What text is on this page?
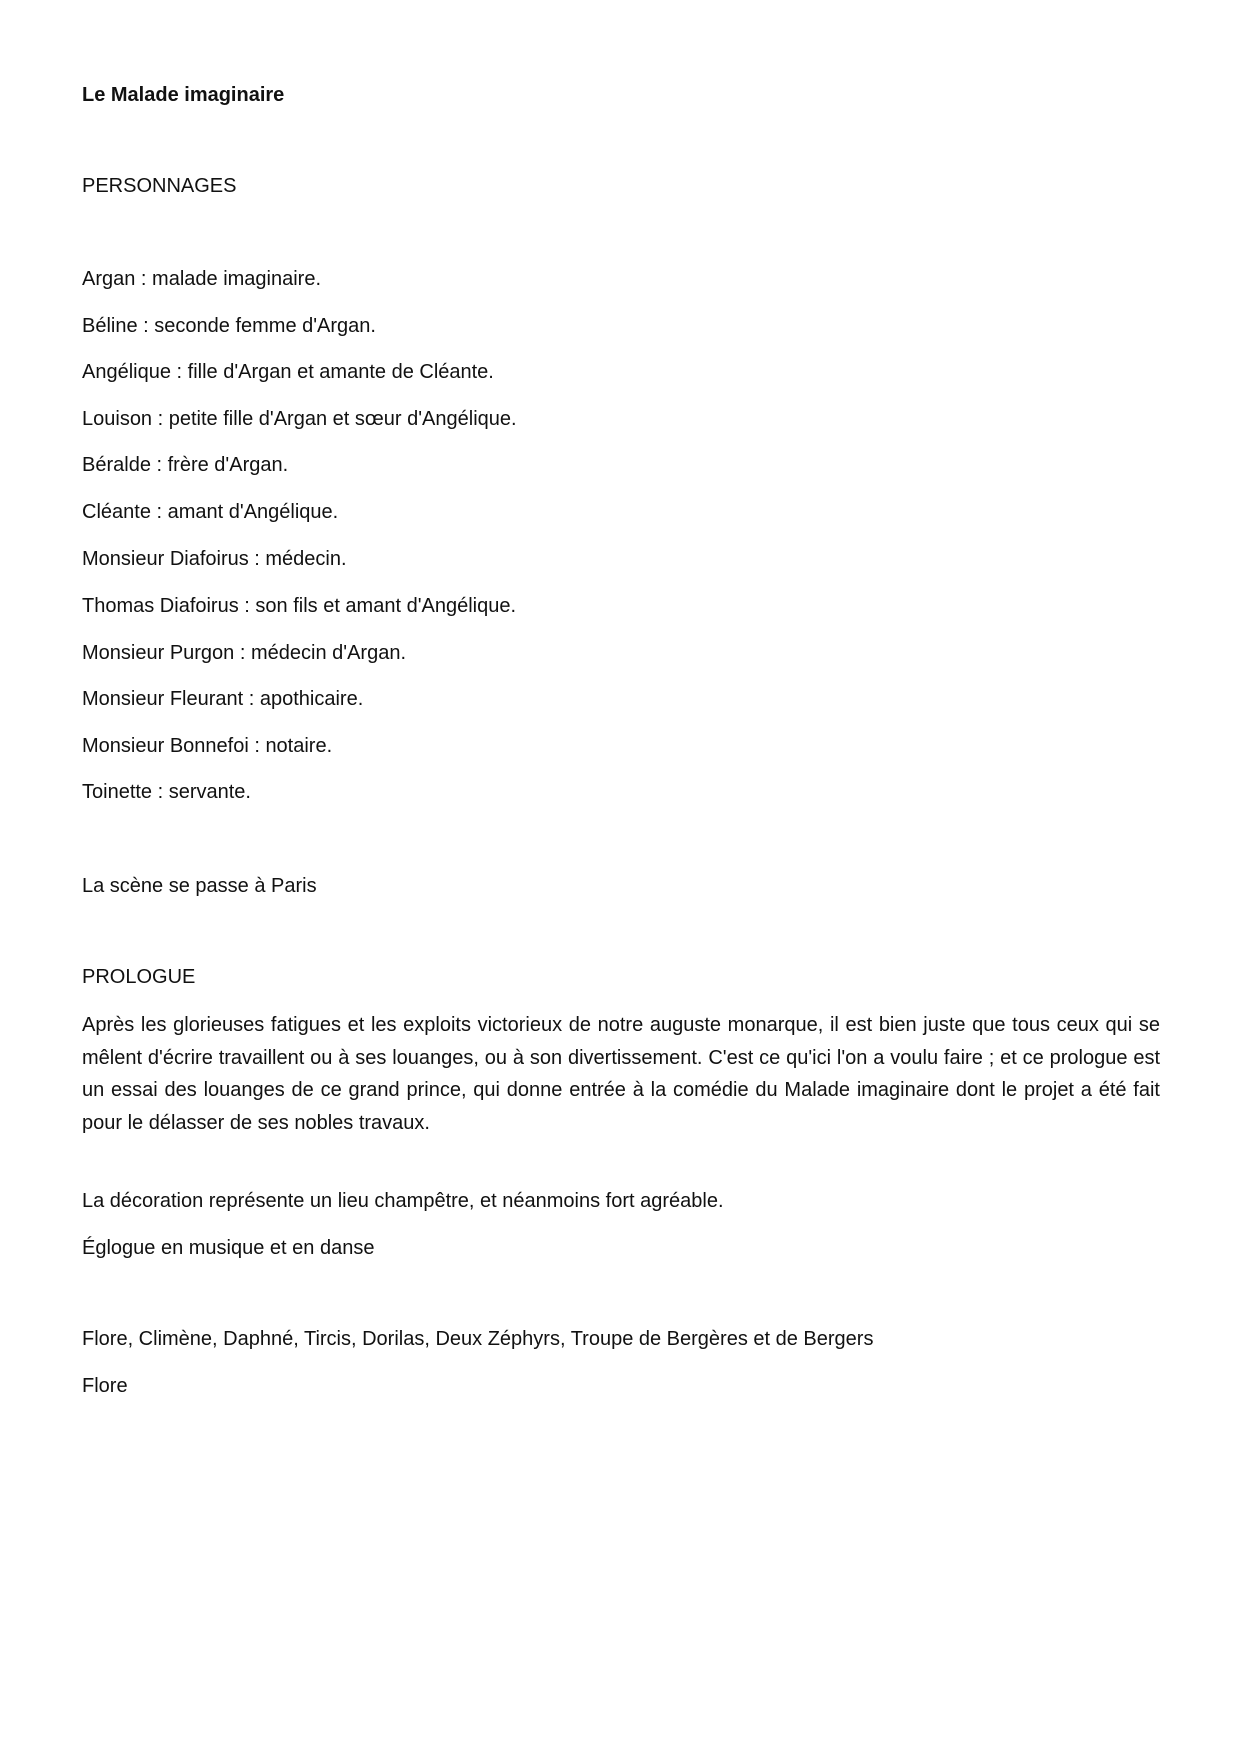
Le Malade imaginaire
PERSONNAGES
Argan : malade imaginaire.
Béline : seconde femme d'Argan.
Angélique : fille d'Argan et amante de Cléante.
Louison : petite fille d'Argan et sœur d'Angélique.
Béralde : frère d'Argan.
Cléante : amant d'Angélique.
Monsieur Diafoirus : médecin.
Thomas Diafoirus : son fils et amant d'Angélique.
Monsieur Purgon : médecin d'Argan.
Monsieur Fleurant : apothicaire.
Monsieur Bonnefoi : notaire.
Toinette : servante.
La scène se passe à Paris
PROLOGUE
Après les glorieuses fatigues et les exploits victorieux de notre auguste monarque, il est bien juste que tous ceux qui se mêlent d'écrire travaillent ou à ses louanges, ou à son divertissement. C'est ce qu'ici l'on a voulu faire ; et ce prologue est un essai des louanges de ce grand prince, qui donne entrée à la comédie du Malade imaginaire dont le projet a été fait pour le délasser de ses nobles travaux.
La décoration représente un lieu champêtre, et néanmoins fort agréable.
Églogue en musique et en danse
Flore, Climène, Daphné, Tircis, Dorilas, Deux Zéphyrs, Troupe de Bergères et de Bergers
Flore
